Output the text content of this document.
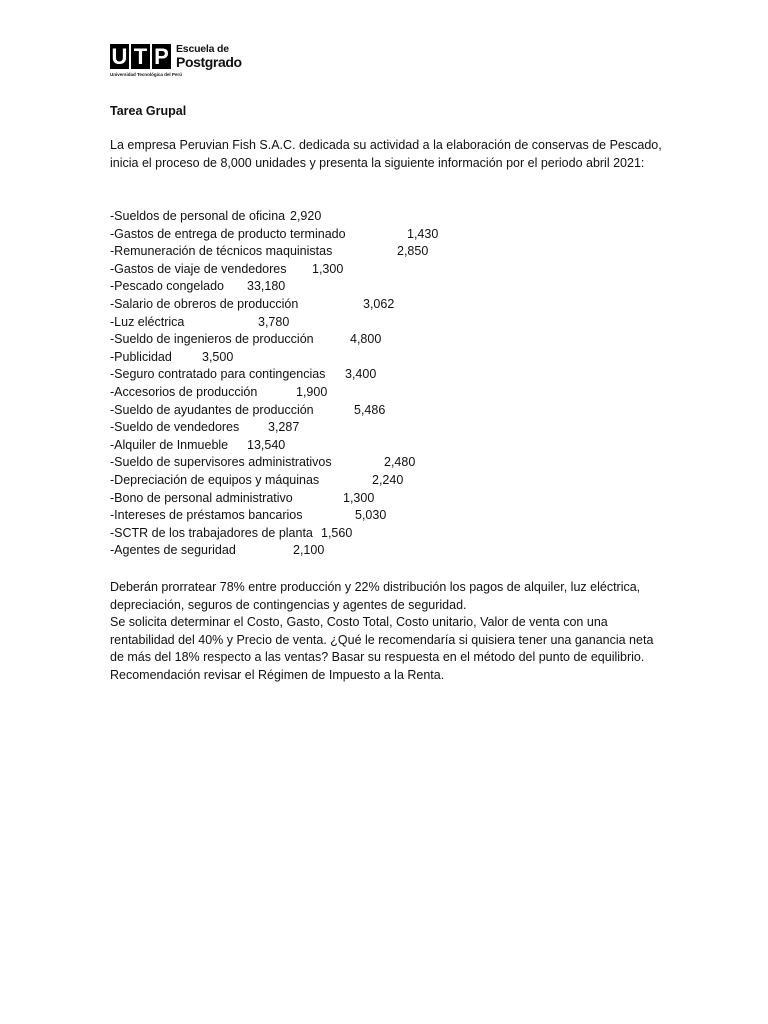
U T P Escuela de
Postgrado
Universidad Tecnológica del Perú
Tarea Grupal
La empresa Peruvian Fish S.A.C. dedicada su actividad a la elaboración de conservas de Pescado, inicia el proceso de 8,000 unidades y presenta la siguiente información por el periodo abril 2021:
-Sueldos de personal de oficina 2,920
-Gastos de entrega de producto terminado	1,430
-Remuneración de técnicos maquinistas	2,850
-Gastos de viaje de vendedores 1,300
-Pescado congelado 33,180
-Salario de obreros de producción	3,062
-Luz eléctrica	3,780
-Sueldo de ingenieros de producción	4,800
-Publicidad 3,500
-Seguro contratado para contingencias 3,400
-Accesorios de producción	1,900
-Sueldo de ayudantes de producción	5,486
-Sueldo de vendedores 3,287
-Alquiler de Inmueble 13,540
-Sueldo de supervisores administrativos	2,480
-Depreciación de equipos y máquinas	2,240
-Bono de personal administrativo	1,300
-Intereses de préstamos bancarios	5,030
-SCTR de los trabajadores de planta 1,560
-Agentes de seguridad	2,100

Deberán prorratear 78% entre producción y 22% distribución los pagos de alquiler, luz eléctrica, depreciación, seguros de contingencias y agentes de seguridad.

Se solicita determinar el Costo, Gasto, Costo Total, Costo unitario, Valor de venta con una rentabilidad del 40% y Precio de venta. ¿Qué le recomendaría si quisiera tener una ganancia neta de más del 18% respecto a las ventas? Basar su respuesta en el método del punto de equilibrio. Recomendación revisar el Régimen de Impuesto a la Renta.
